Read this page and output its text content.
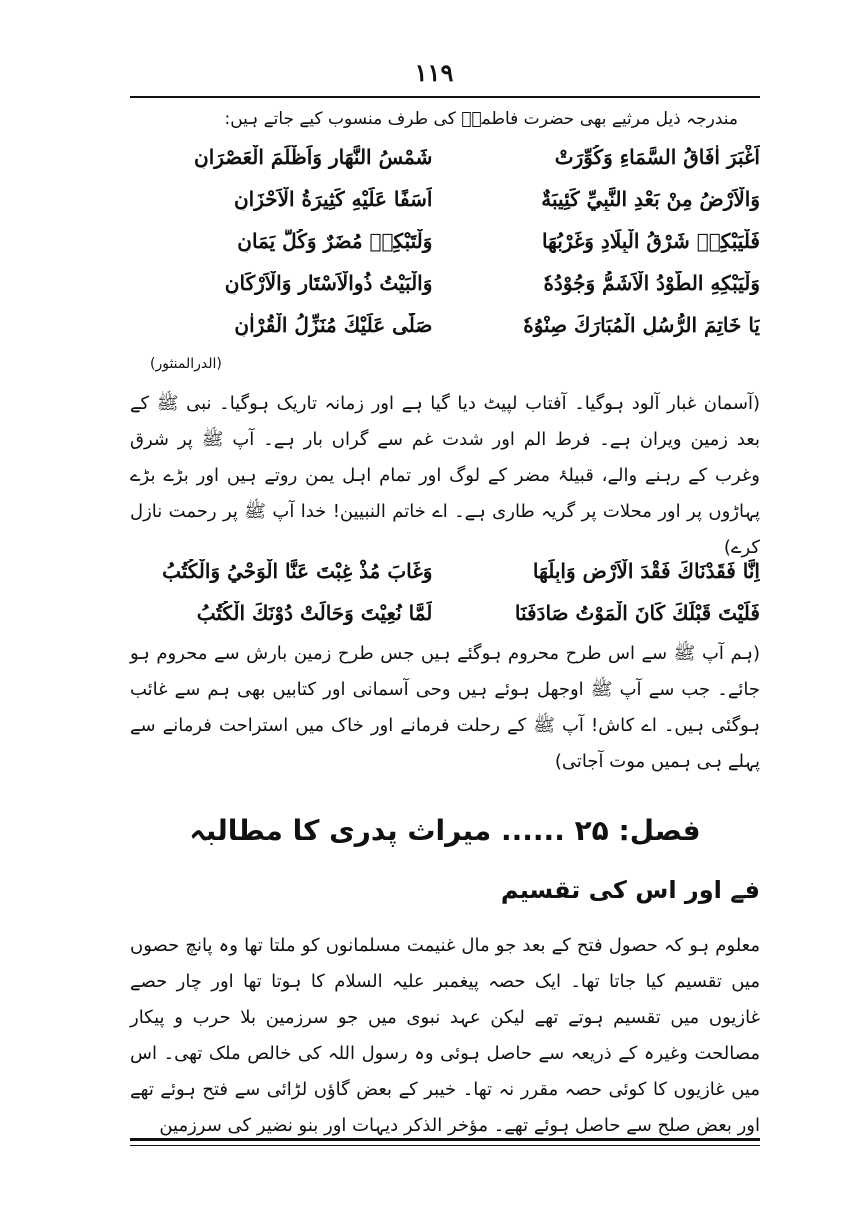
۱۱۹
مندرجہ ذیل مرثیے بھی حضرت فاطمہؓ کی طرف منسوب کیے جاتے ہیں:
اَغْبَرَ اٰفَاقُ السَّمَاءِ وَكُوِّرَتْ
شَمْسُ النَّهَارِ وَاَظْلَمَ الْعَصْرَانِ
وَالْاَرْضُ مِنْ بَعْدِ النَّبِيِّ كَئِيبَةٌ
اَسَفًا عَلَيْهِ كَثِيرَةُ الْاَحْزَانِ
فَلْيَبْكِهٖ شَرْقُ الْبِلَادِ وَغَرْبُهَا
وَلْتَبْكِهٖ مُضَرٌ وَكُلُّ يَمَانِ
وَلْيَبْكِهِ الطُّوْدُ الْاَشَمُّ وَجُوْدُهٗ
وَالْبَيْتُ ذُوالْاَسْتَارِ وَالْاَرْكَانِ
يَا خَاتِمَ الرُّسُلِ الْمُبَارَكَ صِنْوُهٗ
صَلّٰى عَلَيْكَ مُنَزِّلُ الْقُرْاٰنِ
(الدرالمنثور)
(آسمان غبار آلود ہوگیا۔ آفتاب لپیٹ دیا گیا ہے اور زمانہ تاریک ہوگیا۔ نبی ﷺ کے بعد زمین ویران ہے۔ فرط الم اور شدت غم سے گراں بار ہے۔ آپ ﷺ پر شرق وغرب کے رہنے والے، قبیلۂ مضر کے لوگ اور تمام اہل یمن روتے ہیں اور بڑے بڑے پہاڑوں پر اور محلات پر گریہ طاری ہے۔ اے خاتم النبیین! خدا آپ ﷺ پر رحمت نازل کرے)
اِنَّا فَقَدْنَاكَ فَقْدَ الْاَرْضِ وَابِلَهَا
وَغَابَ مُذْ غِبْتَ عَنَّا الْوَحْيُ وَالْكُتُبُ
فَلَيْتَ قَبْلَكَ كَانَ الْمَوْتُ صَادَفَنَا
لَمَّا نُعِيْتَ وَحَالَتْ دُوْنَكَ الْكُتُبُ
(ہم آپ ﷺ سے اس طرح محروم ہوگئے ہیں جس طرح زمین بارش سے محروم ہو جائے۔ جب سے آپ ﷺ اوجھل ہوئے ہیں وحی آسمانی اور کتابیں بھی ہم سے غائب ہوگئی ہیں۔ اے کاش! آپ ﷺ کے رحلت فرمانے اور خاک میں استراحت فرمانے سے پہلے ہی ہمیں موت آجاتی)
فصل: ۲۵ ...... میراث پدری کا مطالبہ
فے اور اس کی تقسیم
معلوم ہو کہ حصول فتح کے بعد جو مال غنیمت مسلمانوں کو ملتا تھا وہ پانچ حصوں میں تقسیم کیا جاتا تھا۔ ایک حصہ پیغمبر علیہ السلام کا ہوتا تھا اور چار حصے غازیوں میں تقسیم ہوتے تھے لیکن عہد نبوی میں جو سرزمین بلا حرب و پیکار مصالحت وغیرہ کے ذریعہ سے حاصل ہوئی وہ رسول اللہ کی خالص ملک تھی۔ اس میں غازیوں کا کوئی حصہ مقرر نہ تھا۔ خیبر کے بعض گاؤں لڑائی سے فتح ہوئے تھے اور بعض صلح سے حاصل ہوئے تھے۔ مؤخر الذکر دیہات اور بنو نضیر کی سرزمین
